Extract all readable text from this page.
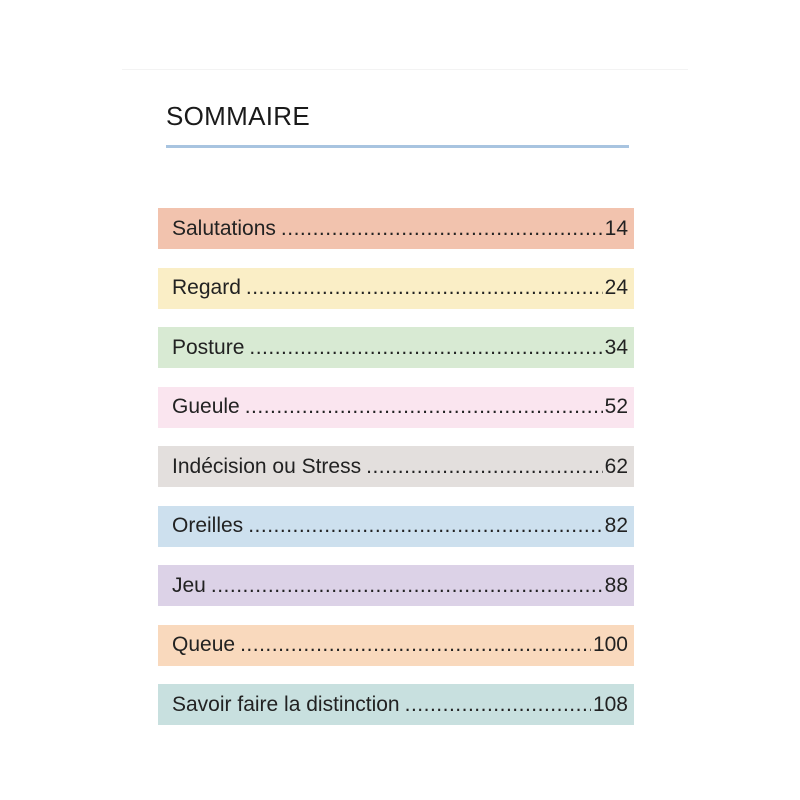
SOMMAIRE
Salutations .....	14
Regard .....	24
Posture .....	34
Gueule .....	52
Indécision ou Stress .....	62
Oreilles .....	82
Jeu .....	88
Queue .....	100
Savoir faire la distinction .....	108
